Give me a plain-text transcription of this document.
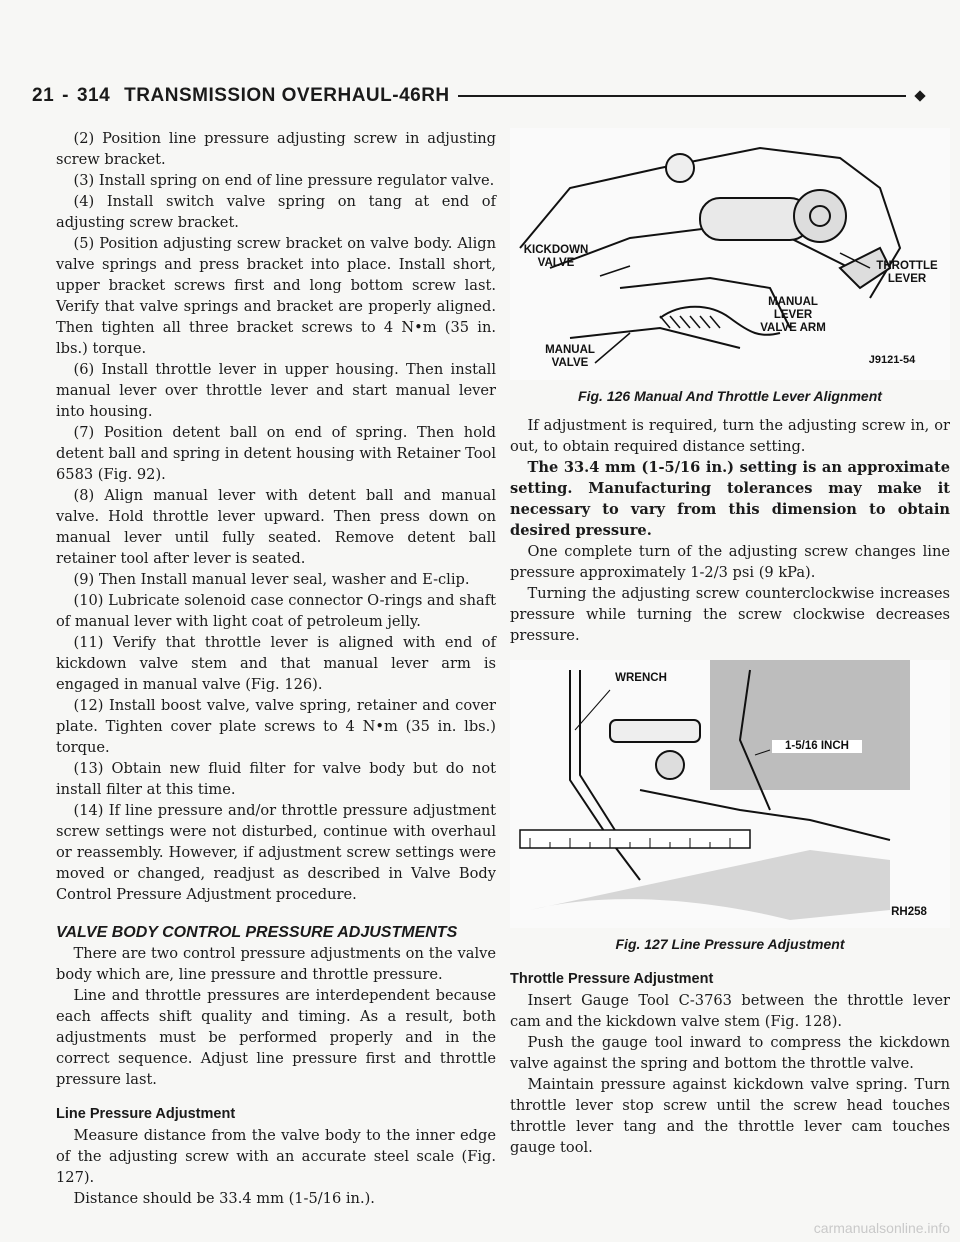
21 - 314 TRANSMISSION OVERHAUL-46RH

(2) Position line pressure adjusting screw in adjusting screw bracket.

(3) Install spring on end of line pressure regulator valve.

(4) Install switch valve spring on tang at end of adjusting screw bracket.

(5) Position adjusting screw bracket on valve body. Align valve springs and press bracket into place. Install short, upper bracket screws first and long bottom screw last. Verify that valve springs and bracket are properly aligned. Then tighten all three bracket screws to 4 N•m (35 in. lbs.) torque.

(6) Install throttle lever in upper housing. Then install manual lever over throttle lever and start manual lever into housing.

(7) Position detent ball on end of spring. Then hold detent ball and spring in detent housing with Retainer Tool 6583 (Fig. 92).

(8) Align manual lever with detent ball and manual valve. Hold throttle lever upward. Then press down on manual lever until fully seated. Remove detent ball retainer tool after lever is seated.

(9) Then Install manual lever seal, washer and E-clip.

(10) Lubricate solenoid case connector O-rings and shaft of manual lever with light coat of petroleum jelly.

(11) Verify that throttle lever is aligned with end of kickdown valve stem and that manual lever arm is engaged in manual valve (Fig. 126).

(12) Install boost valve, valve spring, retainer and cover plate. Tighten cover plate screws to 4 N•m (35 in. lbs.) torque.

(13) Obtain new fluid filter for valve body but do not install filter at this time.

(14) If line pressure and/or throttle pressure adjustment screw settings were not disturbed, continue with overhaul or reassembly. However, if adjustment screw settings were moved or changed, readjust as described in Valve Body Control Pressure Adjustment procedure.

VALVE BODY CONTROL PRESSURE ADJUSTMENTS

There are two control pressure adjustments on the valve body which are, line pressure and throttle pressure.

Line and throttle pressures are interdependent because each affects shift quality and timing. As a result, both adjustments must be performed properly and in the correct sequence. Adjust line pressure first and throttle pressure last.

Line Pressure Adjustment

Measure distance from the valve body to the inner edge of the adjusting screw with an accurate steel scale (Fig. 127).

Distance should be 33.4 mm (1-5/16 in.).

KICKDOWN VALVE	THROTTLE LEVER
MANUAL LEVER VALVE ARM
MANUAL VALVE	J9121-54

Fig. 126 Manual And Throttle Lever Alignment

If adjustment is required, turn the adjusting screw in, or out, to obtain required distance setting.

The 33.4 mm (1-5/16 in.) setting is an approximate setting. Manufacturing tolerances may make it necessary to vary from this dimension to obtain desired pressure.

One complete turn of the adjusting screw changes line pressure approximately 1-2/3 psi (9 kPa).

Turning the adjusting screw counterclockwise increases pressure while turning the screw clockwise decreases pressure.

WRENCH
1-5/16 INCH
RH258

Fig. 127 Line Pressure Adjustment

Throttle Pressure Adjustment

Insert Gauge Tool C-3763 between the throttle lever cam and the kickdown valve stem (Fig. 128).

Push the gauge tool inward to compress the kickdown valve against the spring and bottom the throttle valve.

Maintain pressure against kickdown valve spring. Turn throttle lever stop screw until the screw head touches throttle lever tang and the throttle lever cam touches gauge tool.

carmanualsonline.info
